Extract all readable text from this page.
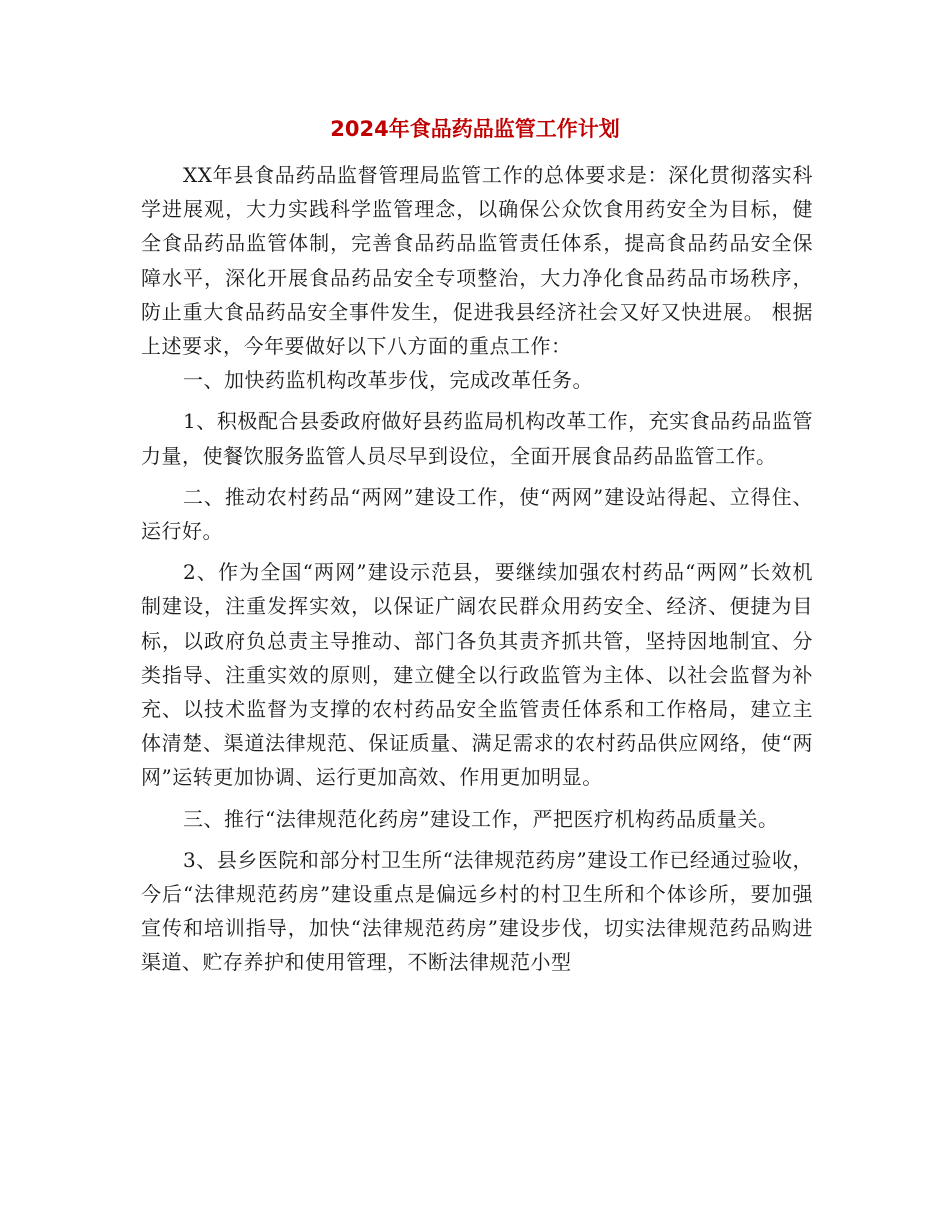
2024年食品药品监管工作计划

XX年县食品药品监督管理局监管工作的总体要求是：深化贯彻落实科学进展观，大力实践科学监管理念，以确保公众饮食用药安全为目标，健全食品药品监管体制，完善食品药品监管责任体系，提高食品药品安全保障水平，深化开展食品药品安全专项整治，大力净化食品药品市场秩序，防止重大食品药品安全事件发生，促进我县经济社会又好又快进展。 根据上述要求，今年要做好以下八方面的重点工作：

一、加快药监机构改革步伐，完成改革任务。

1、积极配合县委政府做好县药监局机构改革工作，充实食品药品监管力量，使餐饮服务监管人员尽早到设位，全面开展食品药品监管工作。

二、推动农村药品“两网”建设工作，使“两网”建设站得起、立得住、运行好。

2、作为全国“两网”建设示范县，要继续加强农村药品“两网”长效机制建设，注重发挥实效，以保证广阔农民群众用药安全、经济、便捷为目标，以政府负总责主导推动、部门各负其责齐抓共管，坚持因地制宜、分类指导、注重实效的原则，建立健全以行政监管为主体、以社会监督为补充、以技术监督为支撑的农村药品安全监管责任体系和工作格局，建立主体清楚、渠道法律规范、保证质量、满足需求的农村药品供应网络，使“两网”运转更加协调、运行更加高效、作用更加明显。

三、推行“法律规范化药房”建设工作，严把医疗机构药品质量关。

3、县乡医院和部分村卫生所“法律规范药房”建设工作已经通过验收，今后“法律规范药房”建设重点是偏远乡村的村卫生所和个体诊所，要加强宣传和培训指导，加快“法律规范药房”建设步伐，切实法律规范药品购进渠道、贮存养护和使用管理，不断法律规范小型
